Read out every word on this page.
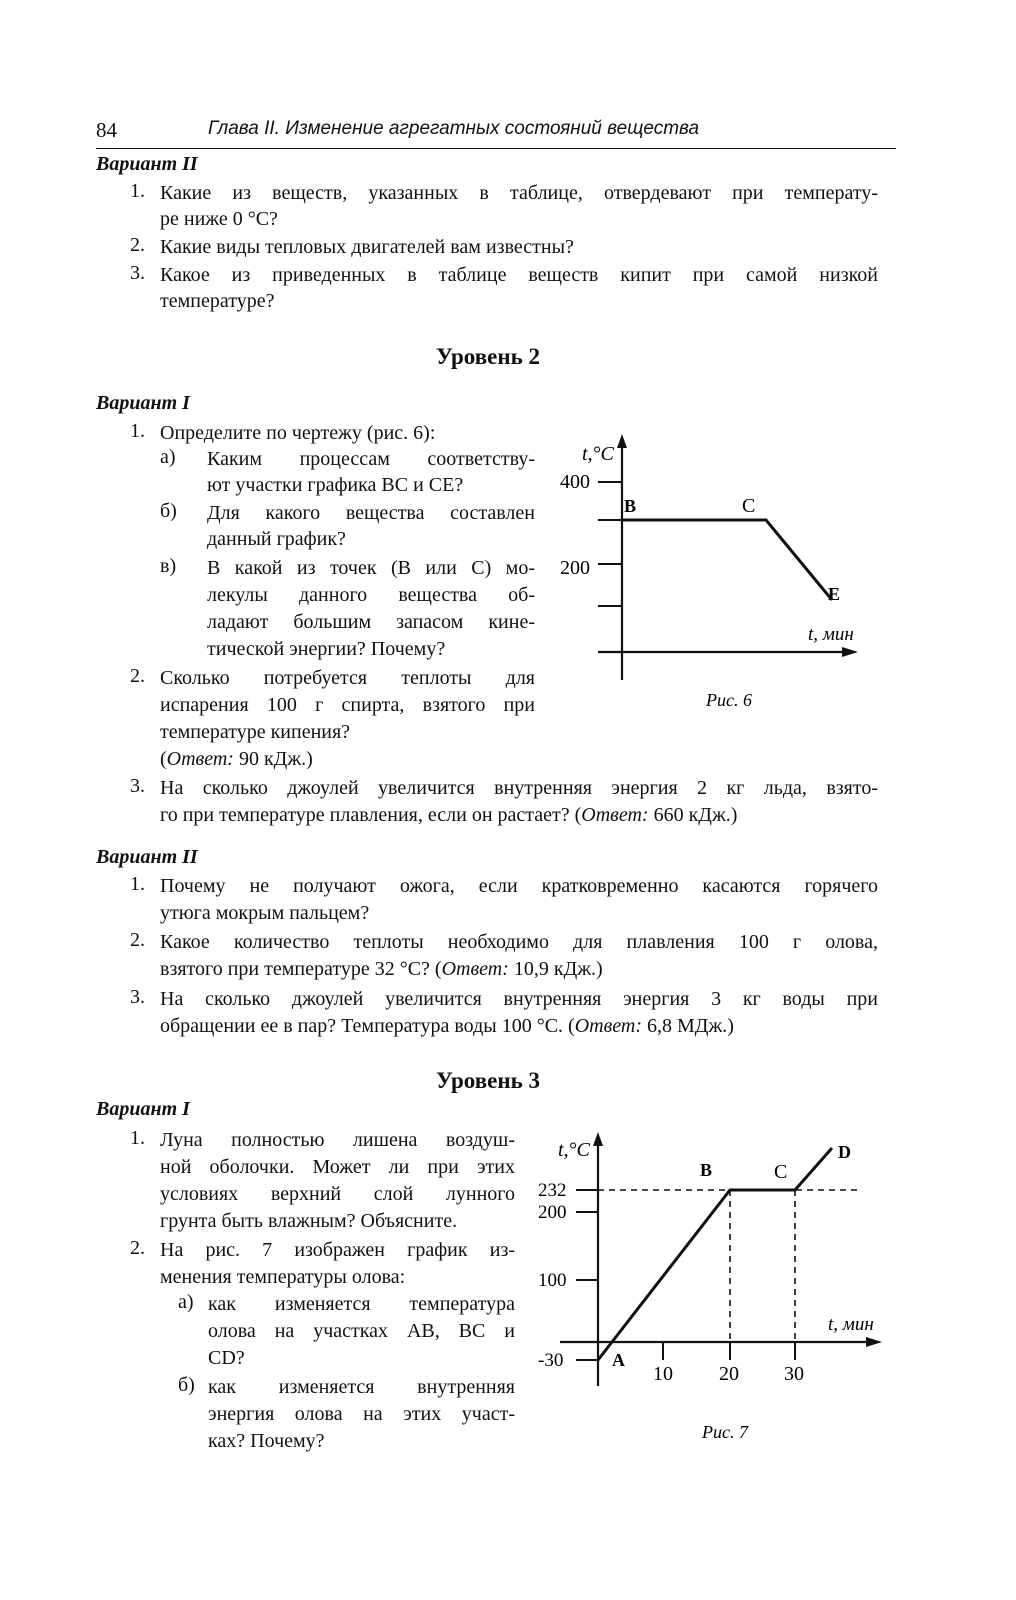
84	Глава II. Изменение агрегатных состояний вещества
Вариант II
1. Какие из веществ, указанных в таблице, отвердевают при температу-
ре ниже 0 °С?
2. Какие виды тепловых двигателей вам известны?
3. Какое из приведенных в таблице веществ кипит при самой низкой
температуре?
Уровень 2
Вариант I
1. Определите по чертежу (рис. 6):
а) Каким процессам соответству-
ют участки графика ВС и СЕ?
б) Для какого вещества составлен
данный график?
в) В какой из точек (В или С) мо-
лекулы данного вещества об-
ладают большим запасом кине-
тической энергии? Почему?
2. Сколько потребуется теплоты для
испарения 100 г спирта, взятого при
температуре кипения?
(Ответ: 90 кДж.)
3. На сколько джоулей увеличится внутренняя энергия 2 кг льда, взято-
го при температуре плавления, если он растает? (Ответ: 660 кДж.)
Вариант II
1. Почему не получают ожога, если кратковременно касаются горячего
утюга мокрым пальцем?
2. Какое количество теплоты необходимо для плавления 100 г олова,
взятого при температуре 32 °С? (Ответ: 10,9 кДж.)
3. На сколько джоулей увеличится внутренняя энергия 3 кг воды при
обращении ее в пар? Температура воды 100 °С. (Ответ: 6,8 МДж.)
Уровень 3
Вариант I
1. Луна полностью лишена воздуш-
ной оболочки. Может ли при этих
условиях верхний слой лунного
грунта быть влажным? Объясните.
2. На рис. 7 изображен график из-
менения температуры олова:
а) как изменяется температура
олова на участках АВ, ВС и
CD?
б) как изменяется внутренняя
энергия олова на этих участ-
ках? Почему?
t,°C
400
200
B	C
E
t, мин
Рис. 6
t,°C
232
200
100
-30
10 20 30
A
B	C
D
t, мин
Рис. 7
